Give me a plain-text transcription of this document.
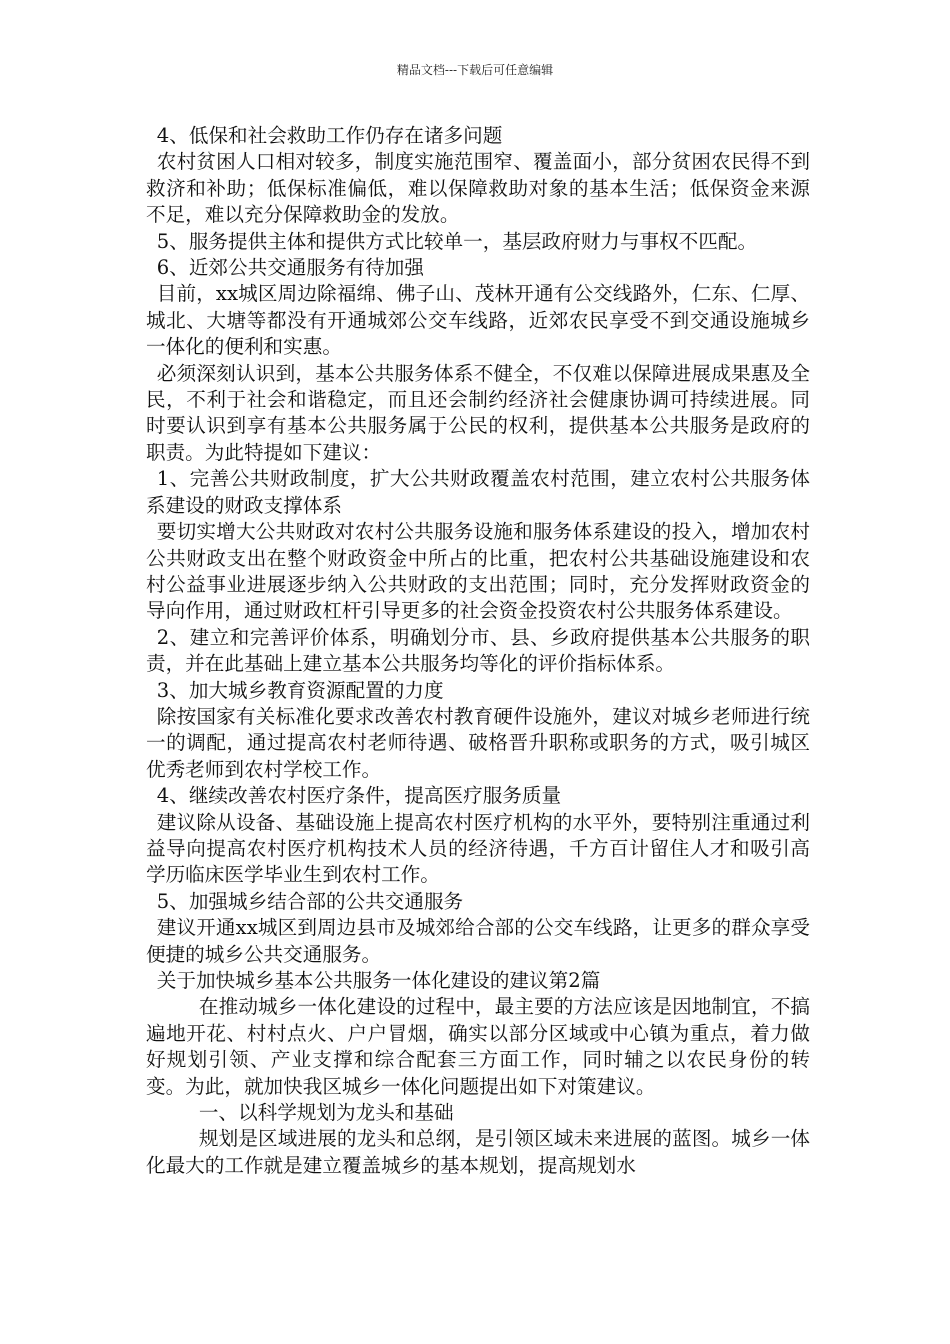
精品文档---下载后可任意编辑

4、低保和社会救助工作仍存在诸多问题

农村贫困人口相对较多，制度实施范围窄、覆盖面小，部分贫困农民得不到救济和补助；低保标准偏低，难以保障救助对象的基本生活；低保资金来源不足，难以充分保障救助金的发放。

5、服务提供主体和提供方式比较单一，基层政府财力与事权不匹配。

6、近郊公共交通服务有待加强

目前，xx城区周边除福绵、佛子山、茂林开通有公交线路外，仁东、仁厚、城北、大塘等都没有开通城郊公交车线路，近郊农民享受不到交通设施城乡一体化的便利和实惠。

必须深刻认识到，基本公共服务体系不健全，不仅难以保障进展成果惠及全民，不利于社会和谐稳定，而且还会制约经济社会健康协调可持续进展。同时要认识到享有基本公共服务属于公民的权利，提供基本公共服务是政府的职责。为此特提如下建议：

1、完善公共财政制度，扩大公共财政覆盖农村范围，建立农村公共服务体系建设的财政支撑体系

要切实增大公共财政对农村公共服务设施和服务体系建设的投入，增加农村公共财政支出在整个财政资金中所占的比重，把农村公共基础设施建设和农村公益事业进展逐步纳入公共财政的支出范围；同时，充分发挥财政资金的导向作用，通过财政杠杆引导更多的社会资金投资农村公共服务体系建设。

2、建立和完善评价体系，明确划分市、县、乡政府提供基本公共服务的职责，并在此基础上建立基本公共服务均等化的评价指标体系。

3、加大城乡教育资源配置的力度

除按国家有关标准化要求改善农村教育硬件设施外，建议对城乡老师进行统一的调配，通过提高农村老师待遇、破格晋升职称或职务的方式，吸引城区优秀老师到农村学校工作。

4、继续改善农村医疗条件，提高医疗服务质量

建议除从设备、基础设施上提高农村医疗机构的水平外，要特别注重通过利益导向提高农村医疗机构技术人员的经济待遇，千方百计留住人才和吸引高学历临床医学毕业生到农村工作。

5、加强城乡结合部的公共交通服务

建议开通xx城区到周边县市及城郊给合部的公交车线路，让更多的群众享受便捷的城乡公共交通服务。

关于加快城乡基本公共服务一体化建设的建议第2篇

在推动城乡一体化建设的过程中，最主要的方法应该是因地制宜，不搞遍地开花、村村点火、户户冒烟，确实以部分区域或中心镇为重点，着力做好规划引领、产业支撑和综合配套三方面工作，同时辅之以农民身份的转变。为此，就加快我区城乡一体化问题提出如下对策建议。

一、以科学规划为龙头和基础

规划是区域进展的龙头和总纲，是引领区域未来进展的蓝图。城乡一体化最大的工作就是建立覆盖城乡的基本规划，提高规划水
